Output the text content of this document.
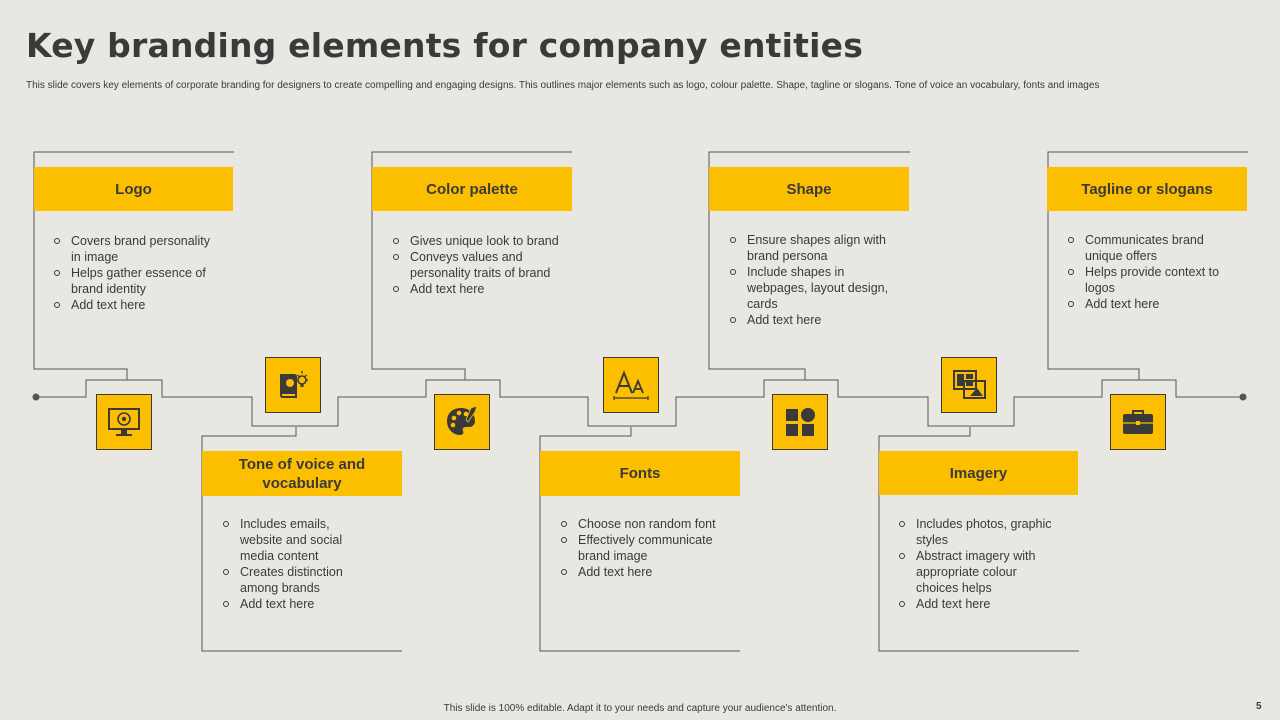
Key branding elements for company entities
This slide covers key elements of corporate branding for designers to create compelling and engaging designs. This outlines major elements such as logo, colour palette. Shape, tagline or slogans. Tone of voice an vocabulary, fonts and images
Logo
Covers brand personality in image
Helps gather essence of brand identity
Add text here
Color palette
Gives unique look to brand
Conveys values and personality traits of brand
Add text here
Shape
Ensure shapes align with brand persona
Include shapes in webpages, layout design, cards
Add text here
Tagline or slogans
Communicates brand unique offers
Helps provide context to logos
Add text here
Tone of voice and vocabulary
Includes emails, website and social media content
Creates distinction among brands
Add text here
Fonts
Choose non random font
Effectively communicate brand image
Add text here
Imagery
Includes photos, graphic styles
Abstract imagery with appropriate colour choices helps
Add text here
This slide is 100% editable. Adapt it to your needs and capture your audience's attention.	5
